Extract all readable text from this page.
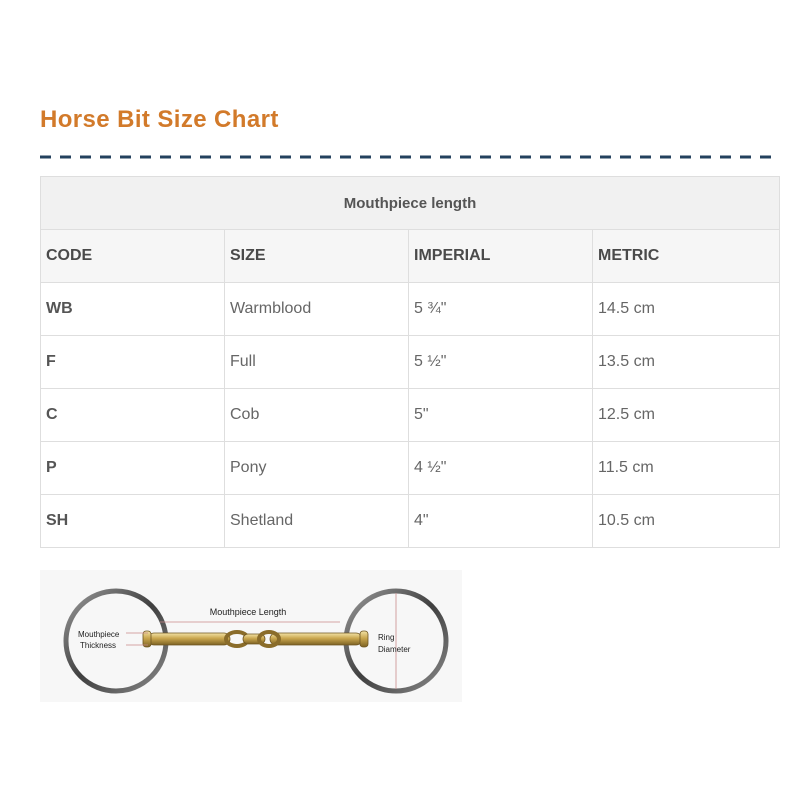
Horse Bit Size Chart
Mouthpiece length			
CODE	SIZE	IMPERIAL	METRIC
WB	Warmblood	5 ¾"	14.5 cm
F	Full	5 ½"	13.5 cm
C	Cob	5"	12.5 cm
P	Pony	4 ½"	11.5 cm
SH	Shetland	4"	10.5 cm
Mouthpiece Length
Mouthpiece
Thickness
Ring
Diameter
